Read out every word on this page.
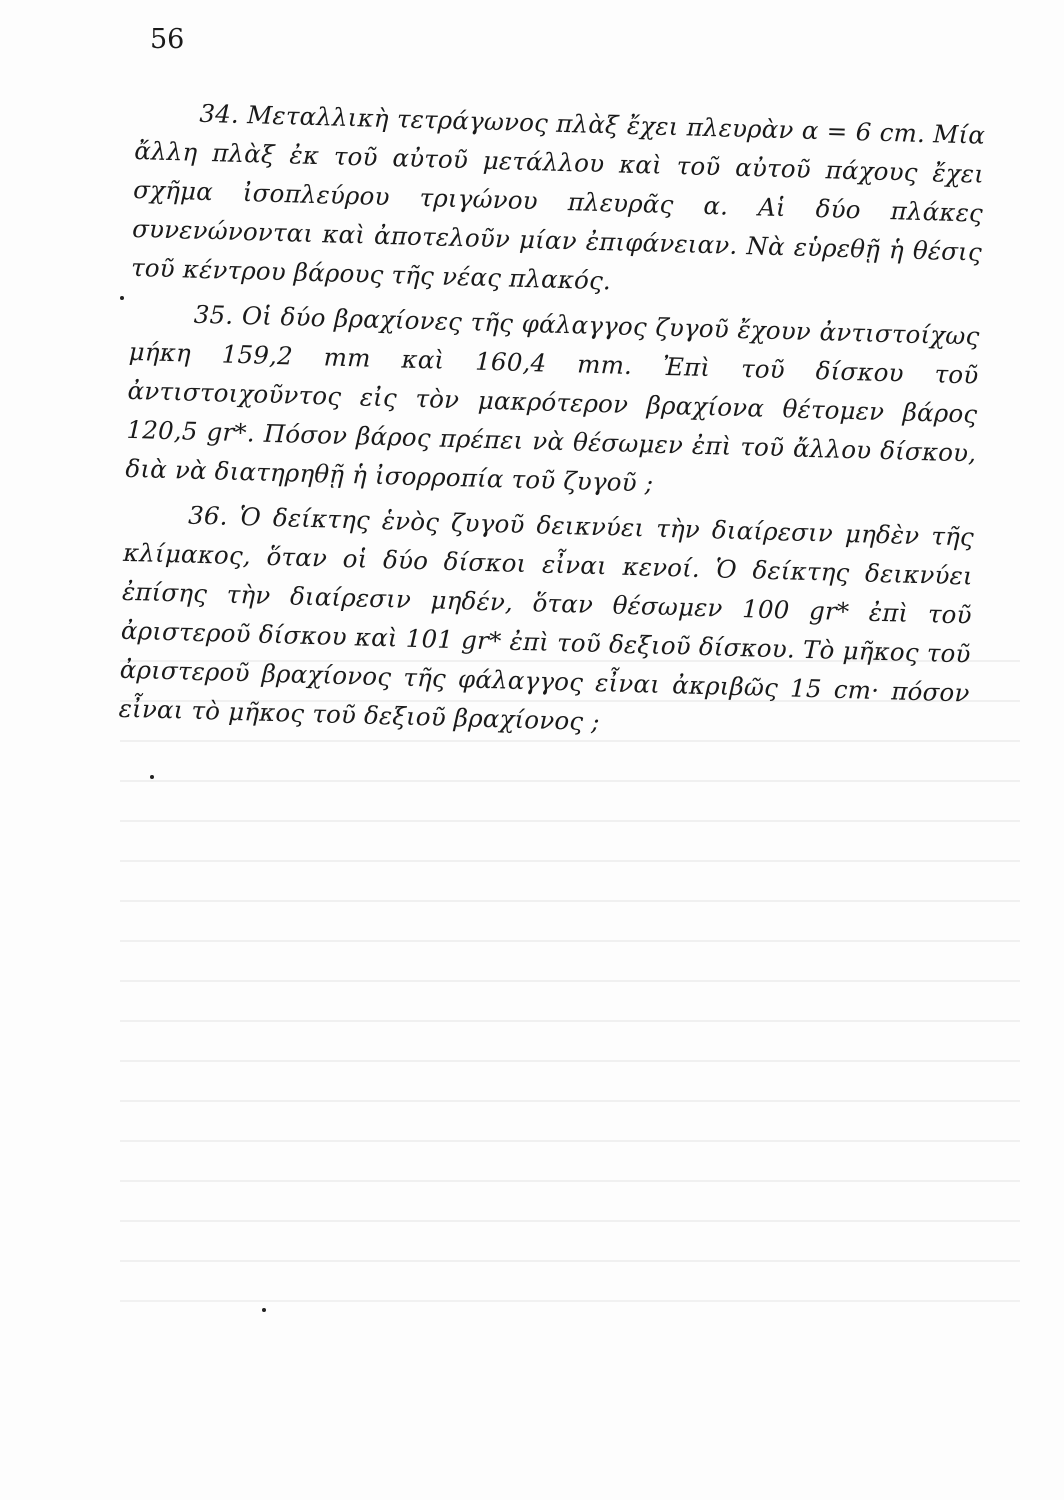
56

34. Μεταλλικὴ τετράγωνος πλὰξ ἔχει πλευρὰν α = 6 cm. Μία ἄλλη πλὰξ ἐκ τοῦ αὐτοῦ μετάλλου καὶ τοῦ αὐτοῦ πάχους ἔχει σχῆμα ἰσοπλεύρου τριγώνου πλευρᾶς α. Αἱ δύο πλάκες συνενώνονται καὶ ἀποτελοῦν μίαν ἐπιφάνειαν. Νὰ εὑρεθῇ ἡ θέσις τοῦ κέντρου βάρους τῆς νέας πλακός.

35. Οἱ δύο βραχίονες τῆς φάλαγγος ζυγοῦ ἔχουν ἀντιστοίχως μήκη 159,2 mm καὶ 160,4 mm. Ἐπὶ τοῦ δίσκου τοῦ ἀντιστοιχοῦντος εἰς τὸν μακρότερον βραχίονα θέτομεν βάρος 120,5 gr*. Πόσον βάρος πρέπει νὰ θέσωμεν ἐπὶ τοῦ ἄλλου δίσκου, διὰ νὰ διατηρηθῇ ἡ ἰσορροπία τοῦ ζυγοῦ ;

36. Ὁ δείκτης ἑνὸς ζυγοῦ δεικνύει τὴν διαίρεσιν μηδὲν τῆς κλίμακος, ὅταν οἱ δύο δίσκοι εἶναι κενοί. Ὁ δείκτης δεικνύει ἐπίσης τὴν διαίρεσιν μηδέν, ὅταν θέσωμεν 100 gr* ἐπὶ τοῦ ἀριστεροῦ δίσκου καὶ 101 gr* ἐπὶ τοῦ δεξιοῦ δίσκου. Τὸ μῆκος τοῦ ἀριστεροῦ βραχίονος τῆς φάλαγγος εἶναι ἀκριβῶς 15 cm· πόσον εἶναι τὸ μῆκος τοῦ δεξιοῦ βραχίονος ;
